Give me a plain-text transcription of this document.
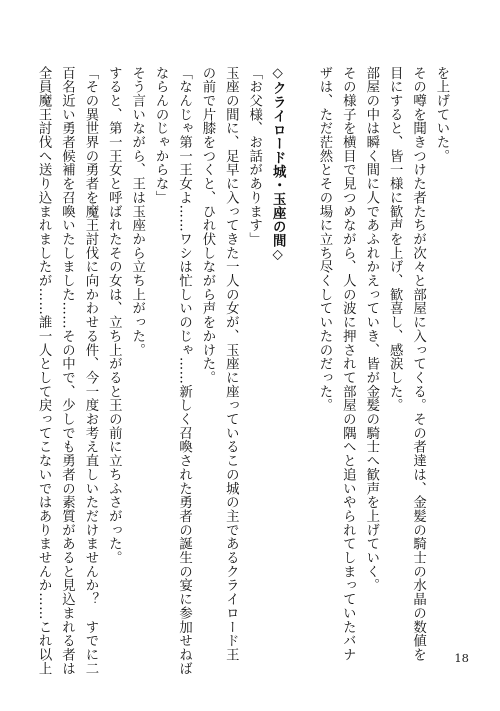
を上げていた。

その噂を聞きつけた者たちが次々と部屋に入ってくる。その者達は、金髪の騎士の水晶の数値を

目にすると、皆一様に歓声を上げ、歓喜し、感涙した。

部屋の中は瞬く間に人であふれかえっていき、皆が金髪の騎士へ歓声を上げていく。

その様子を横目で見つめながら、人の波に押されて部屋の隅へと追いやられてしまっていたバナ

ザは、ただ茫然とその場に立ち尽くしていたのだった。

◇クライロード城・玉座の間◇

「お父様、お話があります」

玉座の間に、足早に入ってきた一人の女が、玉座に座っているこの城の主であるクライロード王

の前で片膝をつくと、ひれ伏しながら声をかけた。

「なんじゃ第一王女よ……ワシは忙しいのじゃ……新しく召喚された勇者の誕生の宴に参加せねば

ならんのじゃからな」

そう言いながら、王は玉座から立ち上がった。

すると、第一王女と呼ばれたその女は、立ち上がると王の前に立ちふさがった。

「その異世界の勇者を魔王討伐に向かわせる件、今一度お考え直しいただけませんか？　すでに二

百名近い勇者候補を召喚いたしました……その中で、少しでも勇者の素質があると見込まれる者は

全員魔王討伐へ送り込まれましたが……誰一人として戻ってこないではありませんか……これ以上	18
